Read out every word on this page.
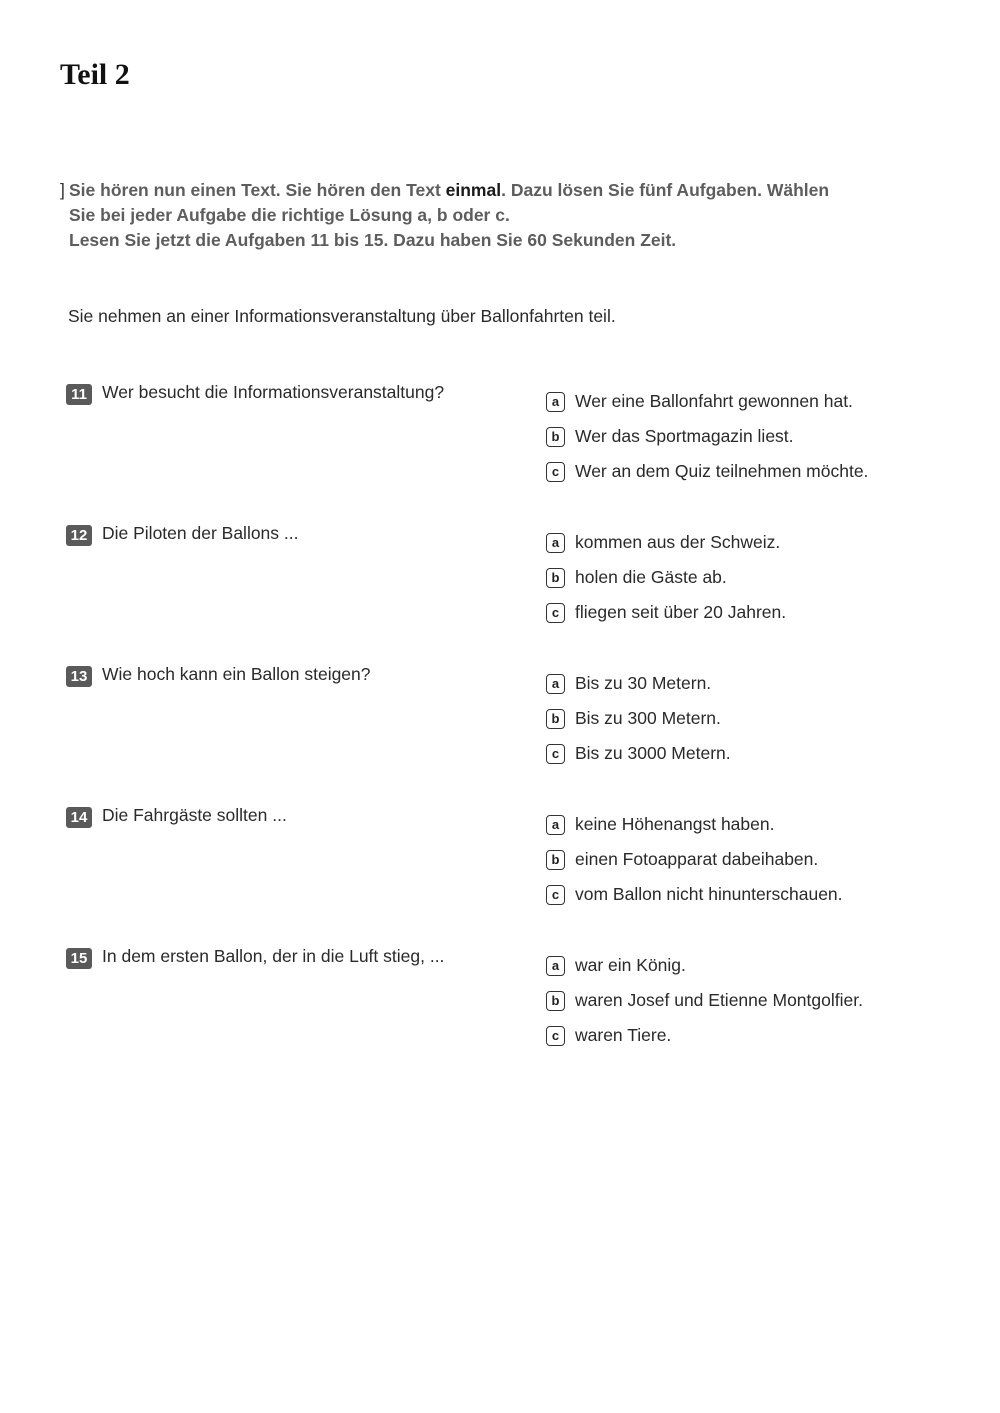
Teil 2
] Sie hören nun einen Text. Sie hören den Text einmal. Dazu lösen Sie fünf Aufgaben. Wählen
Sie bei jeder Aufgabe die richtige Lösung a, b oder c.
Lesen Sie jetzt die Aufgaben 11 bis 15. Dazu haben Sie 60 Sekunden Zeit.

Sie nehmen an einer Informationsveranstaltung über Ballonfahrten teil.

11 Wer besucht die Informationsveranstaltung?	a Wer eine Ballonfahrt gewonnen hat.
b Wer das Sportmagazin liest.
c Wer an dem Quiz teilnehmen möchte.
12 Die Piloten der Ballons ...	a kommen aus der Schweiz.
b holen die Gäste ab.
c fliegen seit über 20 Jahren.
13 Wie hoch kann ein Ballon steigen?	a Bis zu 30 Metern.
b Bis zu 300 Metern.
c Bis zu 3000 Metern.
14 Die Fahrgäste sollten ...	a keine Höhenangst haben.
b einen Fotoapparat dabeihaben.
c vom Ballon nicht hinunterschauen.
15 In dem ersten Ballon, der in die Luft stieg, ...	a war ein König.
b waren Josef und Etienne Montgolfier.
c waren Tiere.
